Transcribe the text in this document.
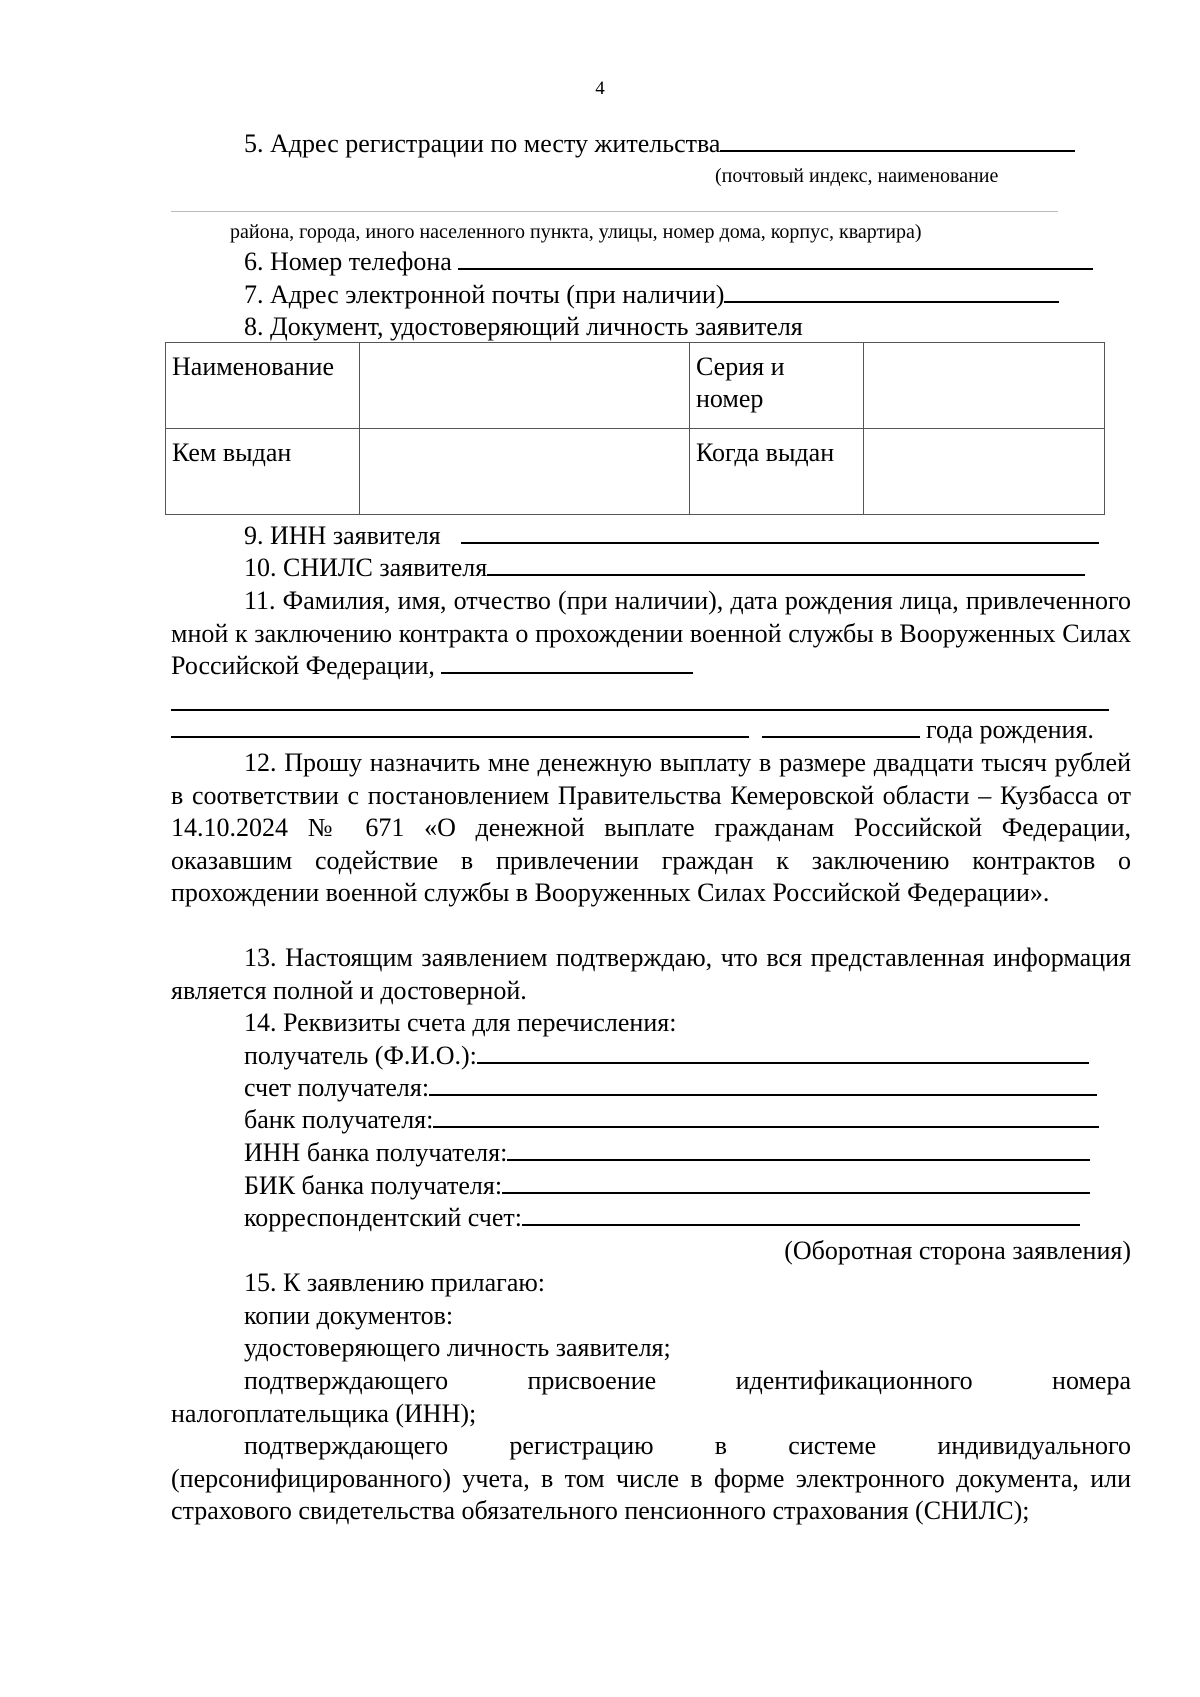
4
5. Адрес регистрации по месту жительства
(почтовый индекс, наименование
района, города, иного населенного пункта, улицы, номер дома, корпус, квартира)
6. Номер телефона
7. Адрес электронной почты (при наличии)
8. Документ, удостоверяющий личность заявителя
Наименование		Серия и номер	
Кем выдан		Когда выдан	
9. ИНН заявителя
10. СНИЛС заявителя

11. Фамилия, имя, отчество (при наличии), дата рождения лица, привлеченного мной к заключению контракта о прохождении военной службы в Вооруженных Силах Российской Федерации,

года рождения.

12. Прошу назначить мне денежную выплату в размере двадцати тысяч рублей в соответствии с постановлением Правительства Кемеровской области – Кузбасса от 14.10.2024 № 671 «О денежной выплате гражданам Российской Федерации, оказавшим содействие в привлечении граждан к заключению контрактов о прохождении военной службы в Вооруженных Силах Российской Федерации».

13. Настоящим заявлением подтверждаю, что вся представленная информация является полной и достоверной.

14. Реквизиты счета для перечисления:
получатель (Ф.И.О.):
счет получателя:
банк получателя:
ИНН банка получателя:
БИК банка получателя:
корреспондентский счет:
(Оборотная сторона заявления)
15. К заявлению прилагаю:
копии документов:
удостоверяющего личность заявителя;

подтверждающего присвоение идентификационного номера налогоплательщика (ИНН);

подтверждающего регистрацию в системе индивидуального (персонифицированного) учета, в том числе в форме электронного документа, или страхового свидетельства обязательного пенсионного страхования (СНИЛС);
